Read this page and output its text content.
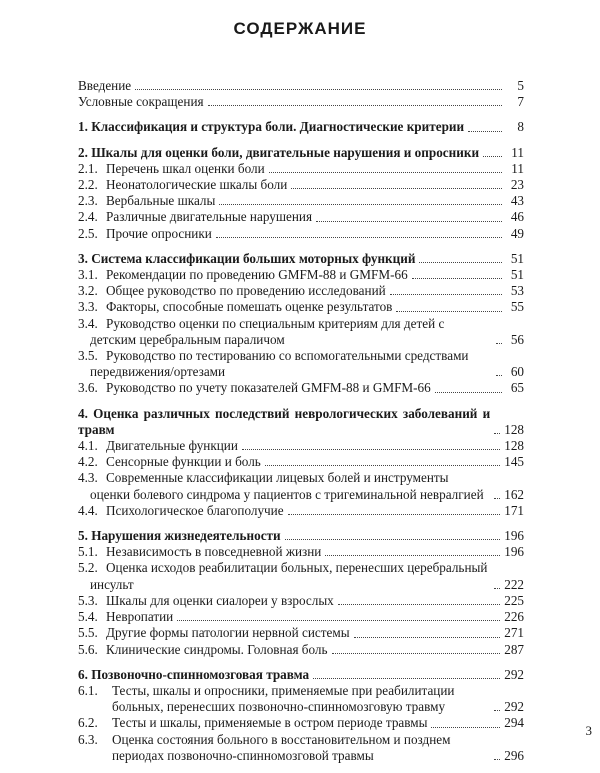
СОДЕРЖАНИЕ
Введение	5
Условные сокращения	7
1. Классификация и структура боли. Диагностические критерии	8
2. Шкалы для оценки боли, двигательные нарушения и опросники	11
2.1. Перечень шкал оценки боли	11
2.2. Неонатологические шкалы боли	23
2.3. Вербальные шкалы	43
2.4. Различные двигательные нарушения	46
2.5. Прочие опросники	49
3. Система классификации больших моторных функций	51
3.1. Рекомендации по проведению GMFM-88 и GMFM-66	51
3.2. Общее руководство по проведению исследований	53
3.3. Факторы, способные помешать оценке результатов	55
3.4. Руководство оценки по специальным критериям для детей с детским церебральным параличом	56
3.5. Руководство по тестированию со вспомогательными средствами передвижения/ортезами	60
3.6. Руководство по учету показателей GMFM-88 и GMFM-66	65
4. Оценка различных последствий неврологических заболеваний и травм	128
4.1. Двигательные функции	128
4.2. Сенсорные функции и боль	145
4.3. Современные классификации лицевых болей и инструменты оценки болевого синдрома у пациентов с тригеминальной невралгией	162
4.4. Психологическое благополучие	171
5. Нарушения жизнедеятельности	196
5.1. Независимость в повседневной жизни	196
5.2. Оценка исходов реабилитации больных, перенесших церебральный инсульт	222
5.3. Шкалы для оценки сиалореи у взрослых	225
5.4. Невропатии	226
5.5. Другие формы патологии нервной системы	271
5.6. Клинические синдромы. Головная боль	287
6. Позвоночно-спинномозговая травма	292
6.1. Тесты, шкалы и опросники, применяемые при реабилитации больных, перенесших позвоночно-спинномозговую травму	292
6.2. Тесты и шкалы, применяемые в остром периоде травмы	294
6.3. Оценка состояния больного в восстановительном и позднем периодах позвоночно-спинномозговой травмы	296
3
